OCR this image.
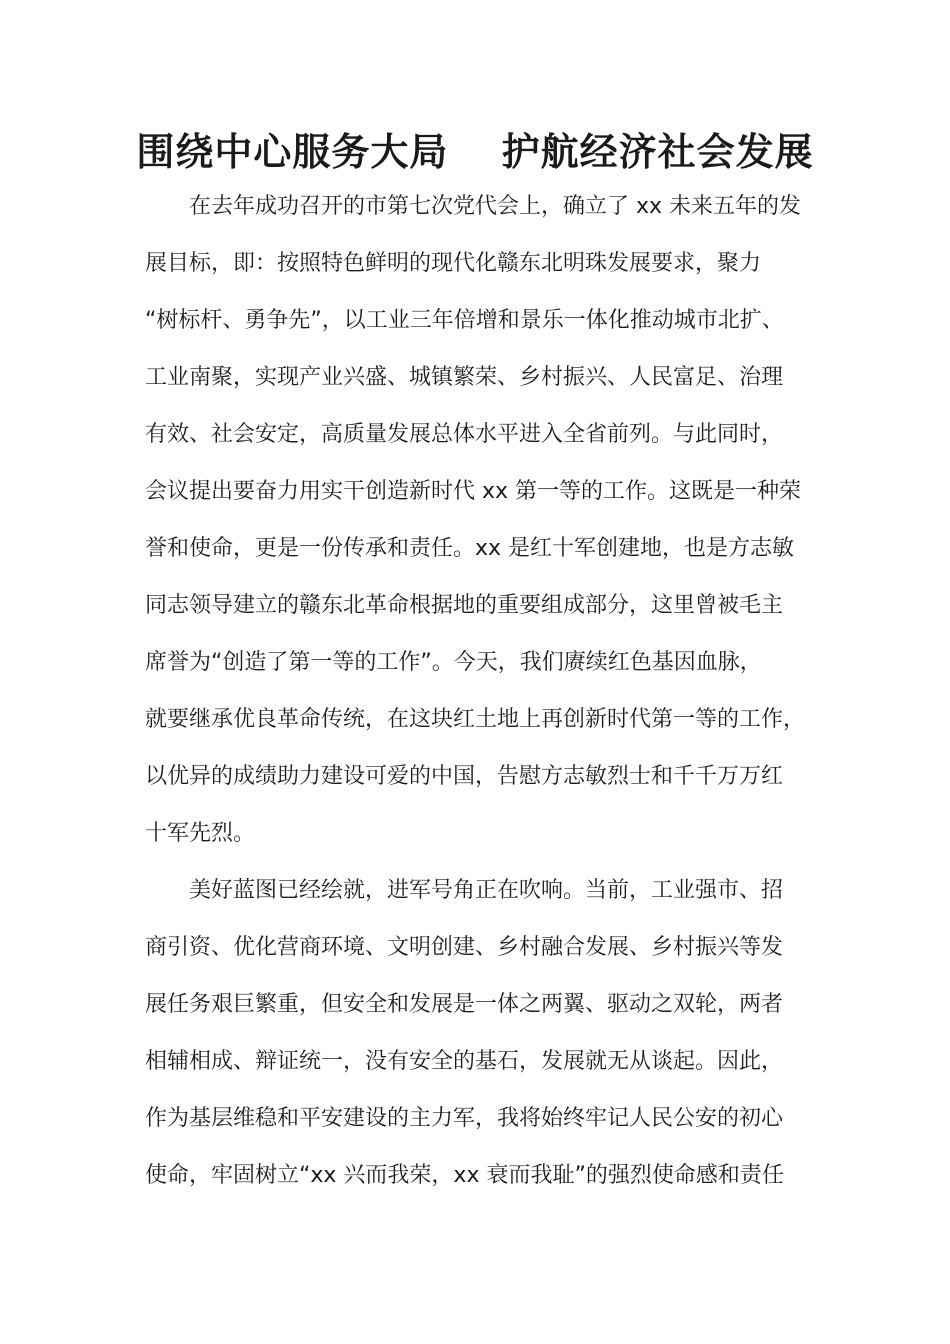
围绕中心服务大局　 护航经济社会发展
　　在去年成功召开的市第七次党代会上，确立了 xx 未来五年的发
展目标，即：按照特色鲜明的现代化赣东北明珠发展要求，聚力
“树标杆、勇争先”，以工业三年倍增和景乐一体化推动城市北扩、
工业南聚，实现产业兴盛、城镇繁荣、乡村振兴、人民富足、治理
有效、社会安定，高质量发展总体水平进入全省前列。与此同时，
会议提出要奋力用实干创造新时代 xx 第一等的工作。这既是一种荣
誉和使命，更是一份传承和责任。xx 是红十军创建地，也是方志敏
同志领导建立的赣东北革命根据地的重要组成部分，这里曾被毛主
席誉为“创造了第一等的工作”。今天，我们赓续红色基因血脉，
就要继承优良革命传统，在这块红土地上再创新时代第一等的工作，
以优异的成绩助力建设可爱的中国，告慰方志敏烈士和千千万万红
十军先烈。
　　美好蓝图已经绘就，进军号角正在吹响。当前，工业强市、招
商引资、优化营商环境、文明创建、乡村融合发展、乡村振兴等发
展任务艰巨繁重，但安全和发展是一体之两翼、驱动之双轮，两者
相辅相成、辩证统一，没有安全的基石，发展就无从谈起。因此，
作为基层维稳和平安建设的主力军，我将始终牢记人民公安的初心
使命，牢固树立“xx 兴而我荣，xx 衰而我耻”的强烈使命感和责任
